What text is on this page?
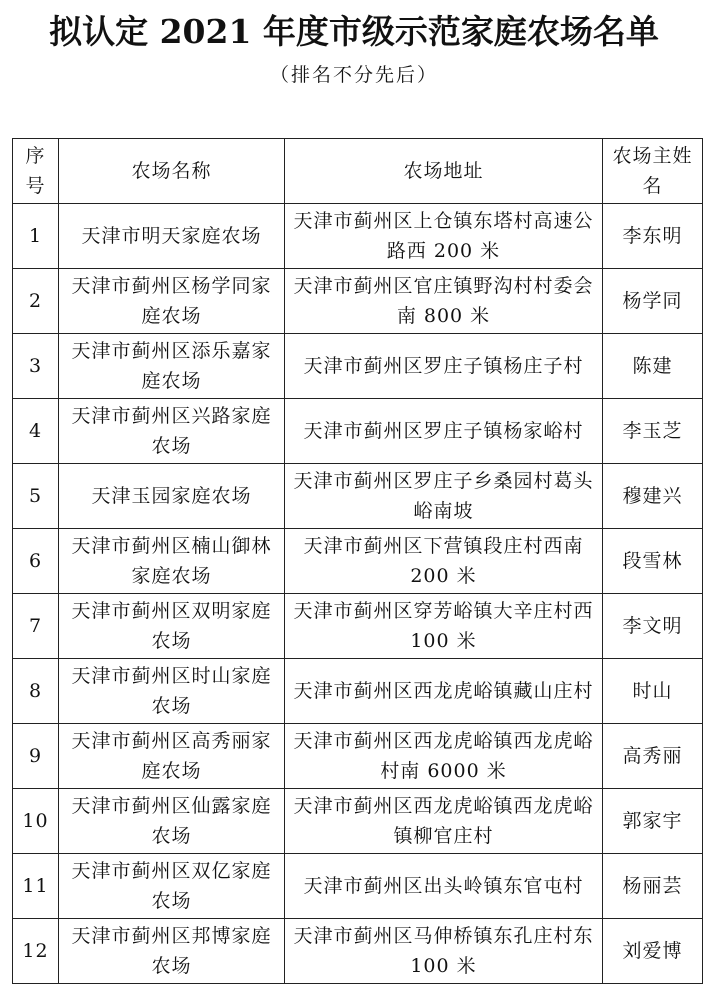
拟认定 2021 年度市级示范家庭农场名单
（排名不分先后）
序号	农场名称	农场地址	农场主姓名
1	天津市明天家庭农场	天津市蓟州区上仓镇东塔村高速公路西 200 米	李东明
2	天津市蓟州区杨学同家庭农场	天津市蓟州区官庄镇野沟村村委会南 800 米	杨学同
3	天津市蓟州区添乐嘉家庭农场	天津市蓟州区罗庄子镇杨庄子村	陈建
4	天津市蓟州区兴路家庭农场	天津市蓟州区罗庄子镇杨家峪村	李玉芝
5	天津玉园家庭农场	天津市蓟州区罗庄子乡桑园村葛头峪南坡	穆建兴
6	天津市蓟州区楠山御林家庭农场	天津市蓟州区下营镇段庄村西南 200 米	段雪林
7	天津市蓟州区双明家庭农场	天津市蓟州区穿芳峪镇大辛庄村西 100 米	李文明
8	天津市蓟州区时山家庭农场	天津市蓟州区西龙虎峪镇藏山庄村	时山
9	天津市蓟州区高秀丽家庭农场	天津市蓟州区西龙虎峪镇西龙虎峪村南 6000 米	高秀丽
10	天津市蓟州区仙露家庭农场	天津市蓟州区西龙虎峪镇西龙虎峪镇柳官庄村	郭家宇
11	天津市蓟州区双亿家庭农场	天津市蓟州区出头岭镇东官屯村	杨丽芸
12	天津市蓟州区邦博家庭农场	天津市蓟州区马伸桥镇东孔庄村东 100 米	刘爱博
